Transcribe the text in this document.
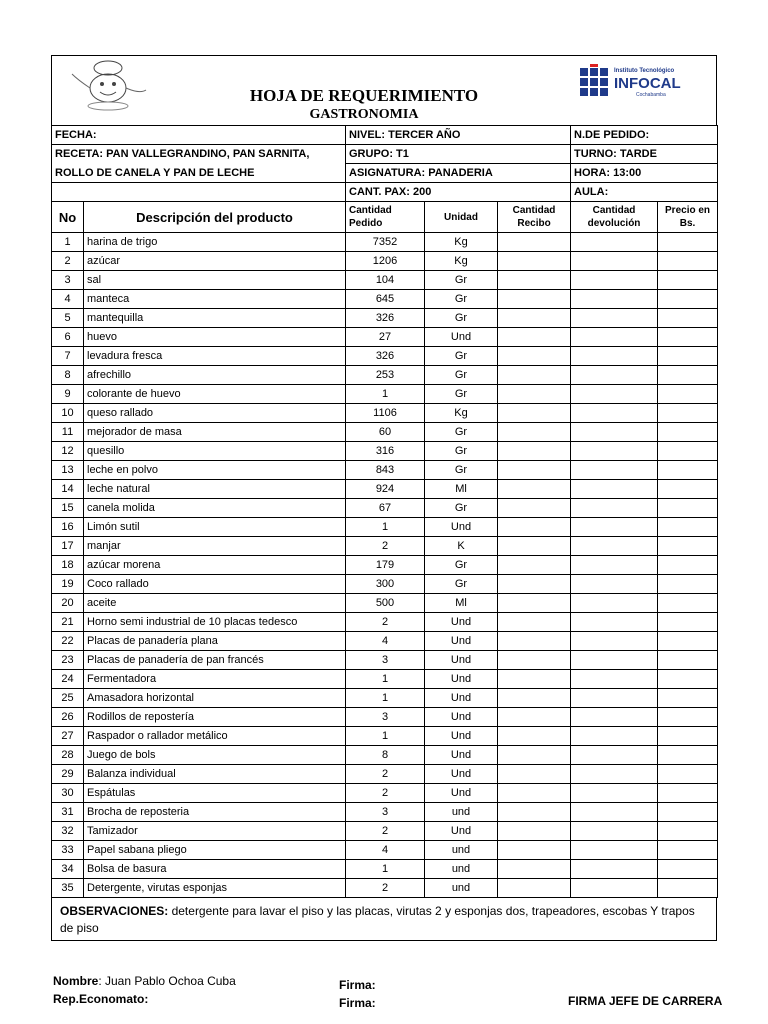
Instituto Tecnológico
INFOCAL
Cochabamba
HOJA DE REQUERIMIENTO
GASTRONOMIA
FECHA:		NIVEL: TERCER AÑO			N.DE PEDIDO:	
RECETA: PAN VALLEGRANDINO, PAN SARNITA,		GRUPO: T1			TURNO: TARDE	
ROLLO DE CANELA Y PAN DE LECHE		ASIGNATURA: PANADERIA			HORA: 13:00	
		CANT. PAX: 200			AULA:	
No	Descripción del producto	Cantidad Pedido	Unidad	Cantidad Recibo	Cantidad devolución	Precio en Bs.
1	harina de trigo	7352	Kg			
2	azúcar	1206	Kg			
3	sal	104	Gr			
4	manteca	645	Gr			
5	mantequilla	326	Gr			
6	huevo	27	Und			
7	levadura fresca	326	Gr			
8	afrechillo	253	Gr			
9	colorante de huevo	1	Gr			
10	queso rallado	1106	Kg			
11	mejorador de masa	60	Gr			
12	quesillo	316	Gr			
13	leche en polvo	843	Gr			
14	leche natural	924	Ml			
15	canela molida	67	Gr			
16	Limón sutil	1	Und			
17	manjar	2	K			
18	azúcar morena	179	Gr			
19	Coco rallado	300	Gr			
20	aceite	500	Ml			
21	Horno semi industrial de 10 placas tedesco	2	Und			
22	Placas de panadería plana	4	Und			
23	Placas de panadería de pan francés	3	Und			
24	Fermentadora	1	Und			
25	Amasadora horizontal	1	Und			
26	Rodillos de repostería	3	Und			
27	Raspador o rallador metálico	1	Und			
28	Juego de bols	8	Und			
29	Balanza individual	2	Und			
30	Espátulas	2	Und			
31	Brocha de reposteria	3	und			
32	Tamizador	2	Und			
33	Papel sabana pliego	4	und			
34	Bolsa de basura	1	und			
35	Detergente, virutas esponjas	2	und			
OBSERVACIONES: detergente para lavar el piso y las placas, virutas 2 y esponjas dos, trapeadores, escobas Y trapos de piso
Nombre: Juan Pablo Ochoa Cuba
Rep.Economato:
Firma:
Firma:	FIRMA JEFE DE CARRERA
